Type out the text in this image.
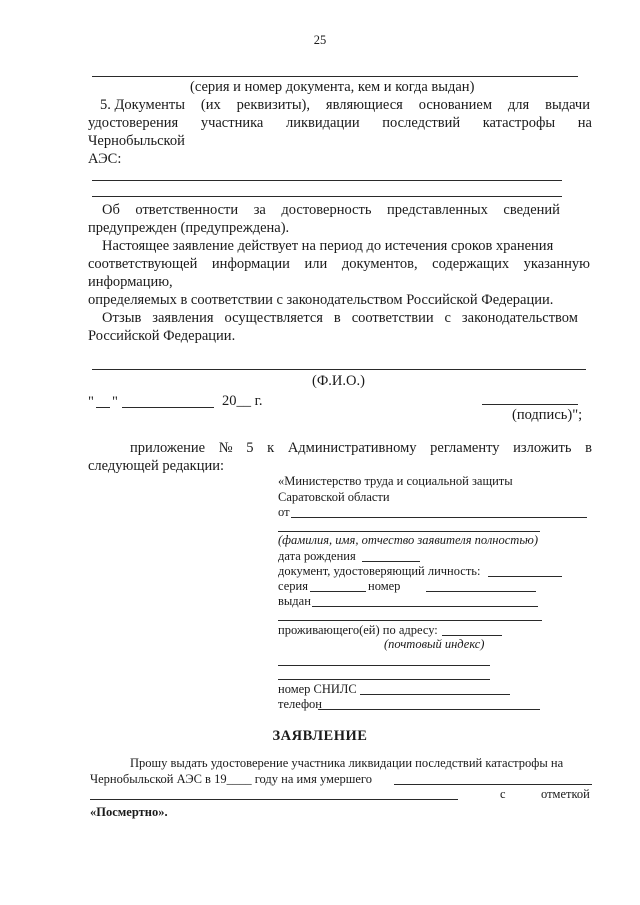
25
(серия и номер документа, кем и когда выдан)
5. Документы (их реквизиты), являющиеся основанием для выдачи
удостоверения участника ликвидации последствий катастрофы на
Чернобыльской
АЭС:
Об ответственности за достоверность представленных сведений
предупрежден (предупреждена).
Настоящее заявление действует на период до истечения сроков хранения
соответствующей информации или документов, содержащих указанную
информацию,
определяемых в соответствии с законодательством Российской Федерации.
Отзыв заявления осуществляется в соответствии с законодательством
Российской Федерации.
(Ф.И.О.)
" "	20__ г.
(подпись)";
приложение № 5 к Административному регламенту изложить в
следующей редакции:
«Министерство труда и социальной защиты
Саратовской области
от
(фамилия, имя, отчество заявителя полностью)
дата рождения
документ, удостоверяющий личность:
серия	номер
выдан
проживающего(ей) по адресу:
(почтовый индекс)
номер СНИЛС
телефон
ЗАЯВЛЕНИЕ
Прошу выдать удостоверение участника ликвидации последствий катастрофы на
Чернобыльской АЭС в 19____ году на имя умершего
с	отметкой
«Посмертно».
